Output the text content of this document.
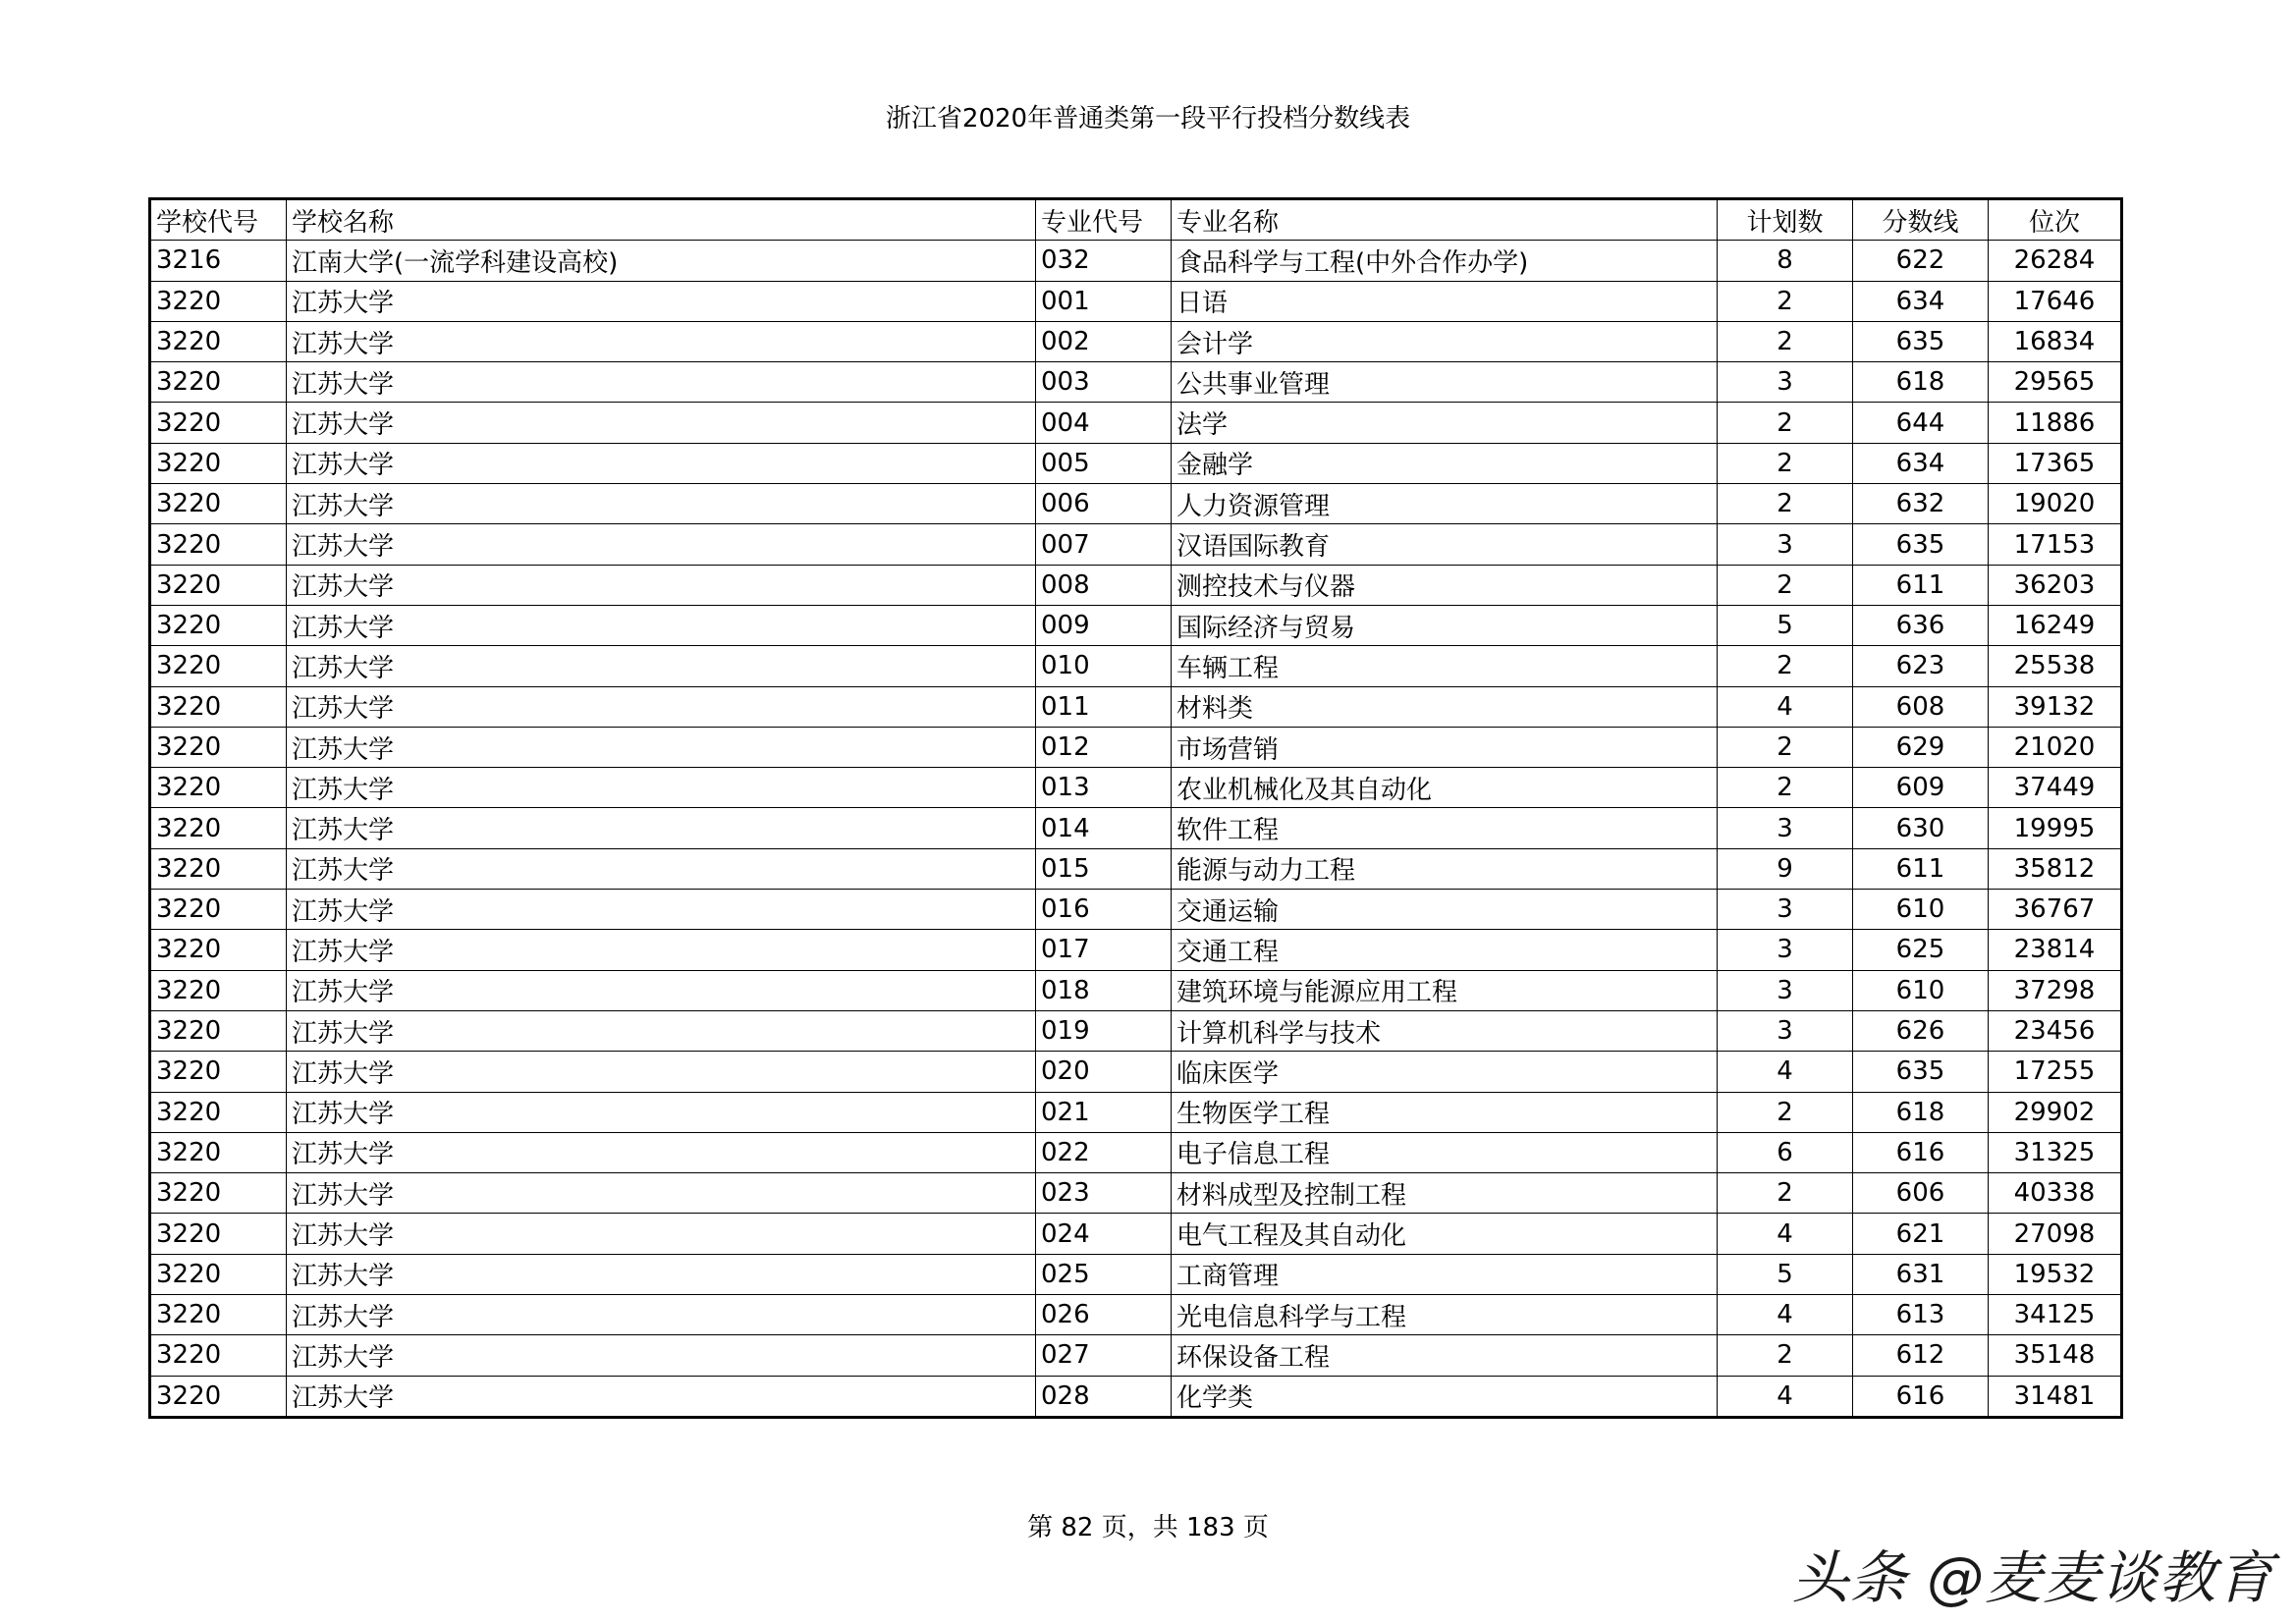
浙江省2020年普通类第一段平行投档分数线表
学校代号	学校名称	专业代号	专业名称	计划数	分数线	位次
3216	江南大学(一流学科建设高校)	032	食品科学与工程(中外合作办学)	8	622	26284
3220	江苏大学	001	日语	2	634	17646
3220	江苏大学	002	会计学	2	635	16834
3220	江苏大学	003	公共事业管理	3	618	29565
3220	江苏大学	004	法学	2	644	11886
3220	江苏大学	005	金融学	2	634	17365
3220	江苏大学	006	人力资源管理	2	632	19020
3220	江苏大学	007	汉语国际教育	3	635	17153
3220	江苏大学	008	测控技术与仪器	2	611	36203
3220	江苏大学	009	国际经济与贸易	5	636	16249
3220	江苏大学	010	车辆工程	2	623	25538
3220	江苏大学	011	材料类	4	608	39132
3220	江苏大学	012	市场营销	2	629	21020
3220	江苏大学	013	农业机械化及其自动化	2	609	37449
3220	江苏大学	014	软件工程	3	630	19995
3220	江苏大学	015	能源与动力工程	9	611	35812
3220	江苏大学	016	交通运输	3	610	36767
3220	江苏大学	017	交通工程	3	625	23814
3220	江苏大学	018	建筑环境与能源应用工程	3	610	37298
3220	江苏大学	019	计算机科学与技术	3	626	23456
3220	江苏大学	020	临床医学	4	635	17255
3220	江苏大学	021	生物医学工程	2	618	29902
3220	江苏大学	022	电子信息工程	6	616	31325
3220	江苏大学	023	材料成型及控制工程	2	606	40338
3220	江苏大学	024	电气工程及其自动化	4	621	27098
3220	江苏大学	025	工商管理	5	631	19532
3220	江苏大学	026	光电信息科学与工程	4	613	34125
3220	江苏大学	027	环保设备工程	2	612	35148
3220	江苏大学	028	化学类	4	616	31481
第 82 页，共 183 页
头条 @麦麦谈教育
